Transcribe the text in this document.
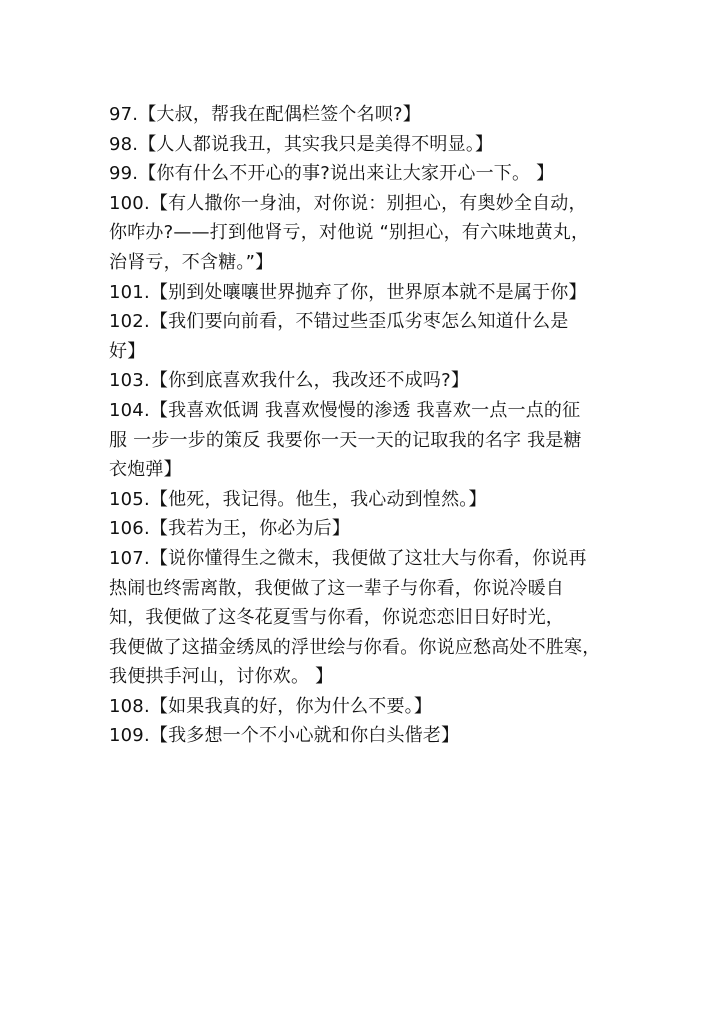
97.【大叔，帮我在配偶栏签个名呗?】

98.【人人都说我丑，其实我只是美得不明显。】

99.【你有什么不开心的事?说出来让大家开心一下。 】

100.【有人撒你一身油，对你说：别担心，有奥妙全自动，
你咋办?——打到他肾亏，对他说 “别担心，有六味地黄丸，
治肾亏，不含糖。”】

101.【别到处嚷嚷世界抛弃了你，世界原本就不是属于你】

102.【我们要向前看，不错过些歪瓜劣枣怎么知道什么是
好】

103.【你到底喜欢我什么，我改还不成吗?】

104.【我喜欢低调 我喜欢慢慢的渗透 我喜欢一点一点的征
服 一步一步的策反 我要你一天一天的记取我的名字 我是糖
衣炮弹】

105.【他死，我记得。他生，我心动到惶然。】

106.【我若为王，你必为后】

107.【说你懂得生之微末，我便做了这壮大与你看，你说再
热闹也终需离散，我便做了这一辈子与你看，你说冷暖自
知，我便做了这冬花夏雪与你看，你说恋恋旧日好时光，
我便做了这描金绣凤的浮世绘与你看。你说应愁高处不胜寒，
我便拱手河山，讨你欢。 】

108.【如果我真的好，你为什么不要。】

109.【我多想一个不小心就和你白头偕老】
